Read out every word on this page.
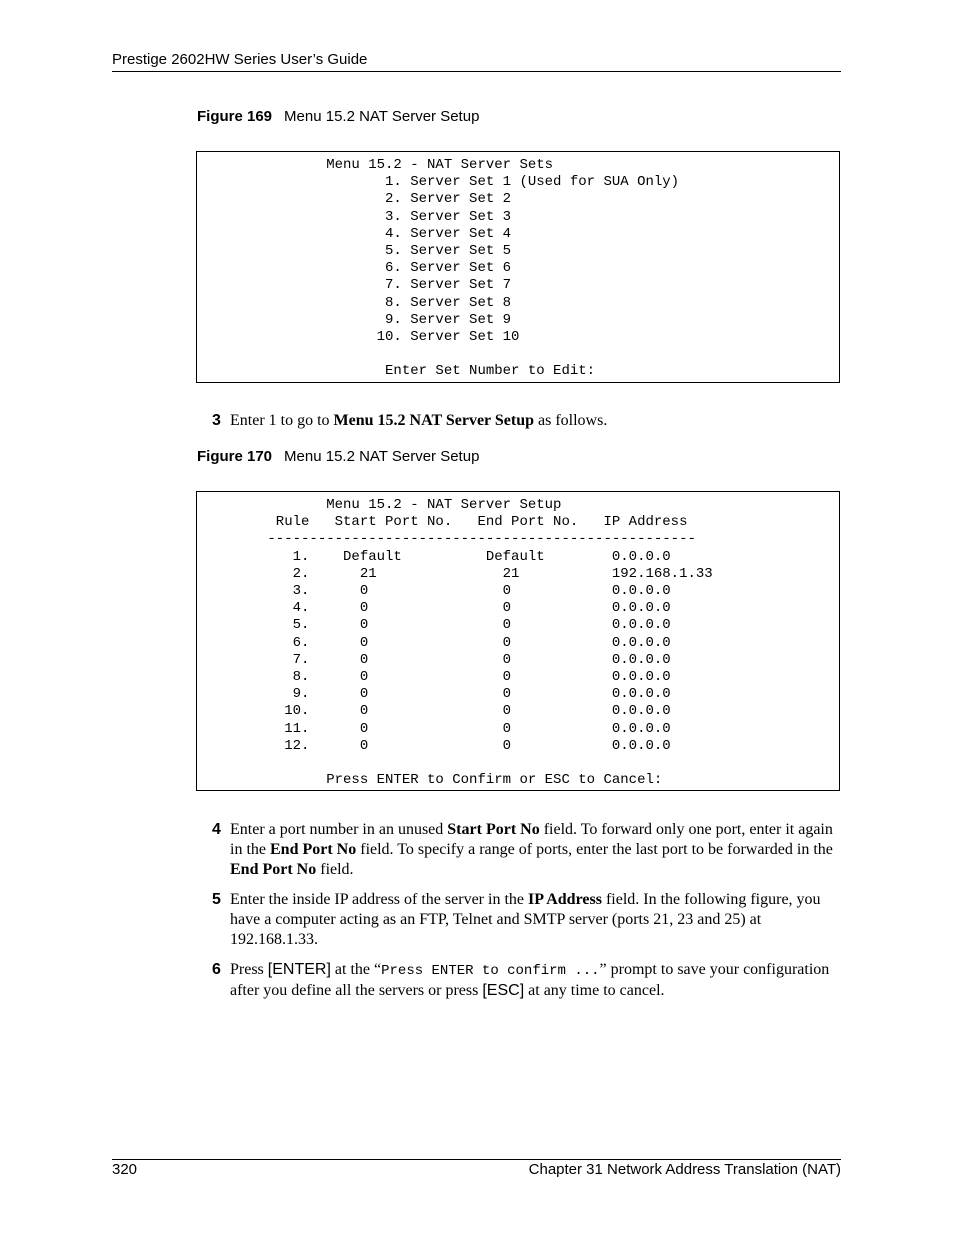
Prestige 2602HW Series User’s Guide
Figure 169 Menu 15.2 NAT Server Setup
Menu 15.2 - NAT Server Sets
1. Server Set 1 (Used for SUA Only)
2. Server Set 2
3. Server Set 3
4. Server Set 4
5. Server Set 5
6. Server Set 6
7. Server Set 7
8. Server Set 8
9. Server Set 9
10. Server Set 10

Enter Set Number to Edit:
3 Enter 1 to go to Menu 15.2 NAT Server Setup as follows.
Figure 170 Menu 15.2 NAT Server Setup
Menu 15.2 - NAT Server Setup
Rule   Start Port No.   End Port No.   IP Address
---------------------------------------------------
1.    Default          Default        0.0.0.0
2.      21               21           192.168.1.33
3.      0                0            0.0.0.0
4.      0                0            0.0.0.0
5.      0                0            0.0.0.0
6.      0                0            0.0.0.0
7.      0                0            0.0.0.0
8.      0                0            0.0.0.0
9.      0                0            0.0.0.0
10.      0                0            0.0.0.0
11.      0                0            0.0.0.0
12.      0                0            0.0.0.0

Press ENTER to Confirm or ESC to Cancel:
4 Enter a port number in an unused Start Port No field. To forward only one port, enter it again in the End Port No field. To specify a range of ports, enter the last port to be forwarded in the End Port No field.
5 Enter the inside IP address of the server in the IP Address field. In the following figure, you have a computer acting as an FTP, Telnet and SMTP server (ports 21, 23 and 25) at 192.168.1.33.
6 Press [ENTER] at the “Press ENTER to confirm ...” prompt to save your configuration after you define all the servers or press [ESC] at any time to cancel.
320	Chapter 31 Network Address Translation (NAT)
